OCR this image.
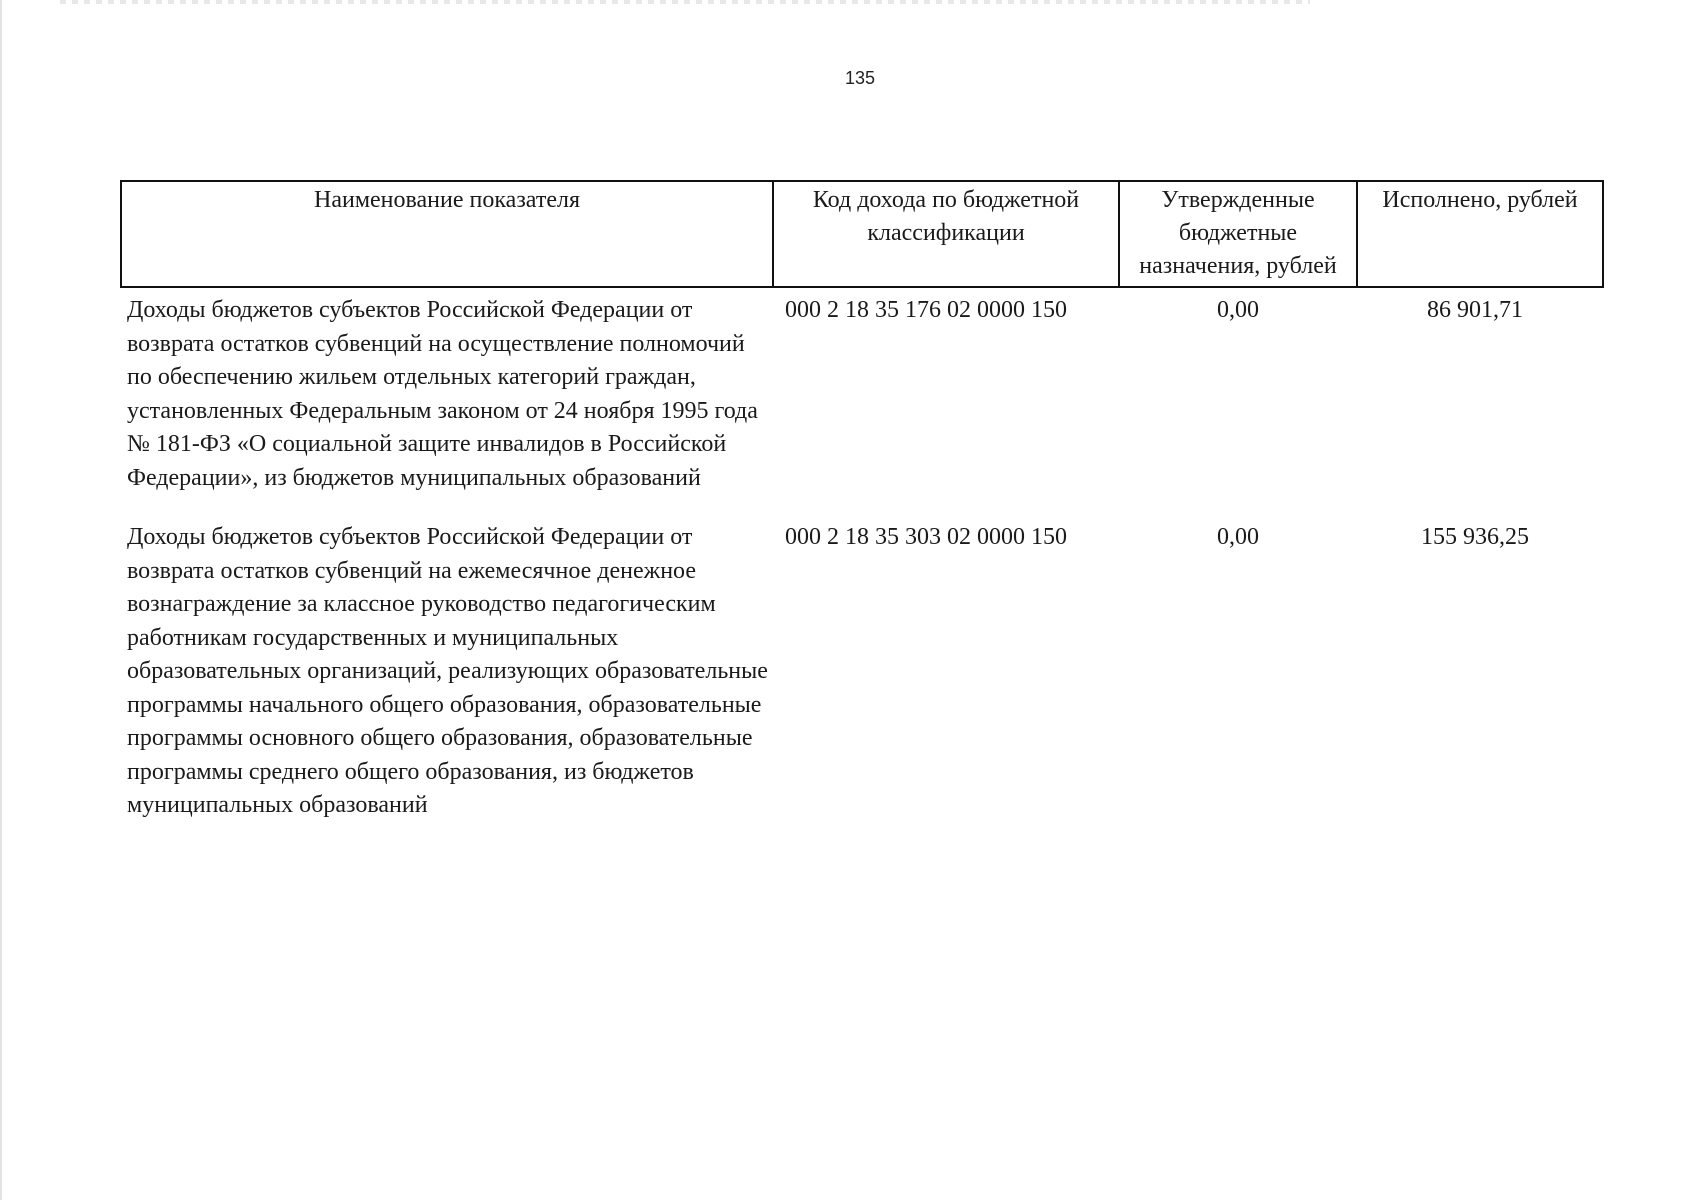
135
Наименование показателя	Код дохода по бюджетной классификации	Утвержденные бюджетные назначения, рублей	Исполнено, рублей
Доходы бюджетов субъектов Российской Федерации от возврата остатков субвенций на осуществление полномочий по обеспечению жильем отдельных категорий граждан, установленных Федеральным законом от 24 ноября 1995 года № 181-ФЗ «О социальной защите инвалидов в Российской Федерации», из бюджетов муниципальных образований	000 2 18 35 176 02 0000 150	0,00	86 901,71
Доходы бюджетов субъектов Российской Федерации от возврата остатков субвенций на ежемесячное денежное вознаграждение за классное руководство педагогическим работникам государственных и муниципальных образовательных организаций, реализующих образовательные программы начального общего образования, образовательные программы основного общего образования, образовательные программы среднего общего образования, из бюджетов муниципальных образований	000 2 18 35 303 02 0000 150	0,00	155 936,25
